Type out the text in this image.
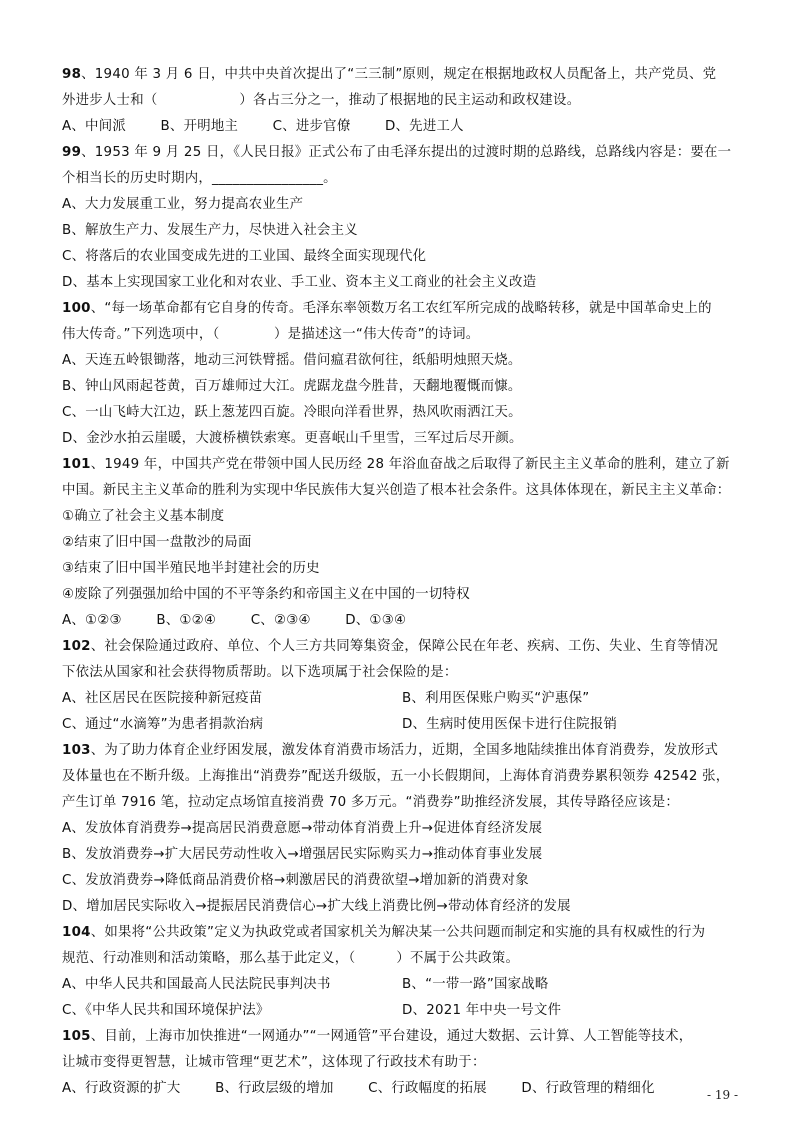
98、1940 年 3 月 6 日，中共中央首次提出了“三三制”原则，规定在根据地政权人员配备上，共产党员、党
外进步人士和（　　　　　　）各占三分之一，推动了根据地的民主运动和政权建设。
A、中间派	B、开明地主	C、进步官僚	D、先进工人
99、1953 年 9 月 25 日，《人民日报》正式公布了由毛泽东提出的过渡时期的总路线，总路线内容是：要在一
个相当长的历史时期内，________________。
A、大力发展重工业，努力提高农业生产
B、解放生产力、发展生产力，尽快进入社会主义
C、将落后的农业国变成先进的工业国、最终全面实现现代化
D、基本上实现国家工业化和对农业、手工业、资本主义工商业的社会主义改造
100、“每一场革命都有它自身的传奇。毛泽东率领数万名工农红军所完成的战略转移，就是中国革命史上的
伟大传奇。”下列选项中，（　　　　）是描述这一“伟大传奇”的诗词。
A、天连五岭银锄落，地动三河铁臂摇。借问瘟君欲何往，纸船明烛照天烧。
B、钟山风雨起苍黄，百万雄师过大江。虎踞龙盘今胜昔，天翻地覆慨而慷。
C、一山飞峙大江边，跃上葱茏四百旋。冷眼向洋看世界，热风吹雨洒江天。
D、金沙水拍云崖暖，大渡桥横铁索寒。更喜岷山千里雪，三军过后尽开颜。
101、1949 年，中国共产党在带领中国人民历经 28 年浴血奋战之后取得了新民主主义革命的胜利，建立了新
中国。新民主主义革命的胜利为实现中华民族伟大复兴创造了根本社会条件。这具体体现在，新民主主义革命：
①确立了社会主义基本制度
②结束了旧中国一盘散沙的局面
③结束了旧中国半殖民地半封建社会的历史
④废除了列强强加给中国的不平等条约和帝国主义在中国的一切特权
A、①②③	B、①②④	C、②③④	D、①③④
102、社会保险通过政府、单位、个人三方共同筹集资金，保障公民在年老、疾病、工伤、失业、生育等情况
下依法从国家和社会获得物质帮助。以下选项属于社会保险的是：
A、社区居民在医院接种新冠疫苗	B、利用医保账户购买“沪惠保”
C、通过“水滴筹”为患者捐款治病	D、生病时使用医保卡进行住院报销
103、为了助力体育企业纾困发展，激发体育消费市场活力，近期，全国多地陆续推出体育消费券，发放形式
及体量也在不断升级。上海推出“消费券”配送升级版，五一小长假期间，上海体育消费券累积领券 42542 张，
产生订单 7916 笔，拉动定点场馆直接消费 70 多万元。“消费券”助推经济发展，其传导路径应该是：
A、发放体育消费券→提高居民消费意愿→带动体育消费上升→促进体育经济发展
B、发放消费券→扩大居民劳动性收入→增强居民实际购买力→推动体育事业发展
C、发放消费券→降低商品消费价格→刺激居民的消费欲望→增加新的消费对象
D、增加居民实际收入→提振居民消费信心→扩大线上消费比例→带动体育经济的发展
104、如果将“公共政策”定义为执政党或者国家机关为解决某一公共问题而制定和实施的具有权威性的行为
规范、行动准则和活动策略，那么基于此定义，（　　　）不属于公共政策。
A、中华人民共和国最高人民法院民事判决书	B、“一带一路”国家战略
C、《中华人民共和国环境保护法》	D、2021 年中央一号文件
105、目前，上海市加快推进“一网通办”“一网通管”平台建设，通过大数据、云计算、人工智能等技术，
让城市变得更智慧，让城市管理“更艺术”，这体现了行政技术有助于：
A、行政资源的扩大	B、行政层级的增加	C、行政幅度的拓展	D、行政管理的精细化	- 19 -
